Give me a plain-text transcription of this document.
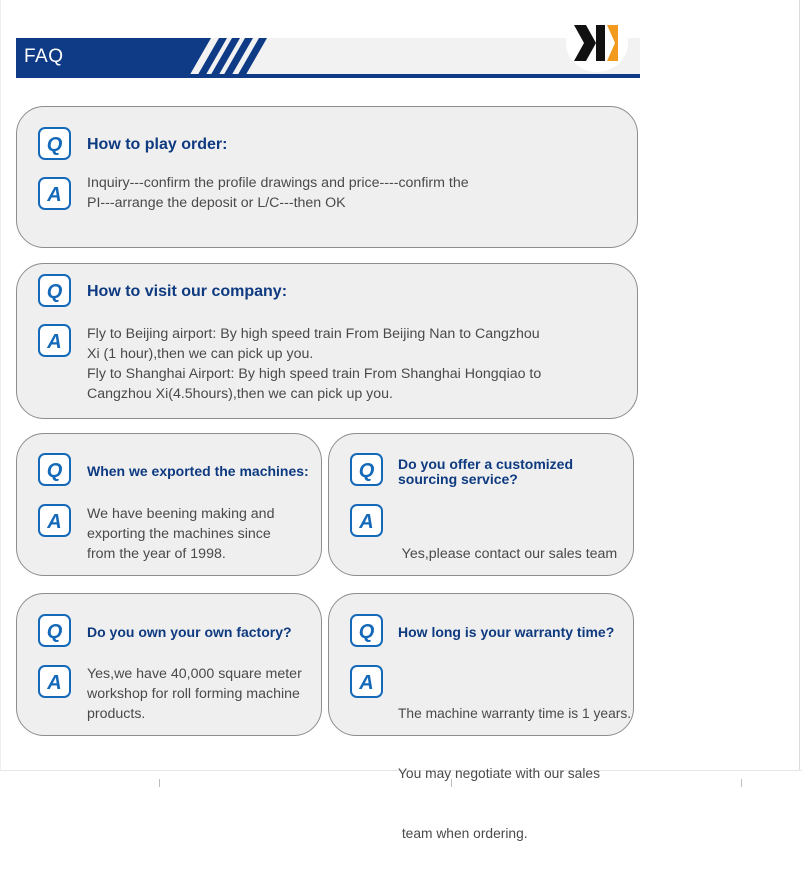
FAQ
Q How to play order:
A
Inquiry---confirm the profile drawings and price----confirm the
PI---arrange the deposit or L/C---then OK
Q How to visit our company:
A Fly to Beijing airport: By high speed train From Beijing Nan to Cangzhou
Xi (1 hour),then we can pick up you.
Fly to Shanghai Airport: By high speed train From Shanghai Hongqiao to
Cangzhou Xi(4.5hours),then we can pick up you.
Q When we exported the machines:
A We have beening making and
exporting the machines since
from the year of 1998.
Q Do you offer a customized
sourcing service?
A

Yes,please contact our sales team

Q Do you own your own factory?
A Yes,we have 40,000 square meter
workshop for roll forming machine
products.
Q How long is your warranty time?
A

The machine warranty time is 1 years.

You may negotiate with our sales

team when ordering.
